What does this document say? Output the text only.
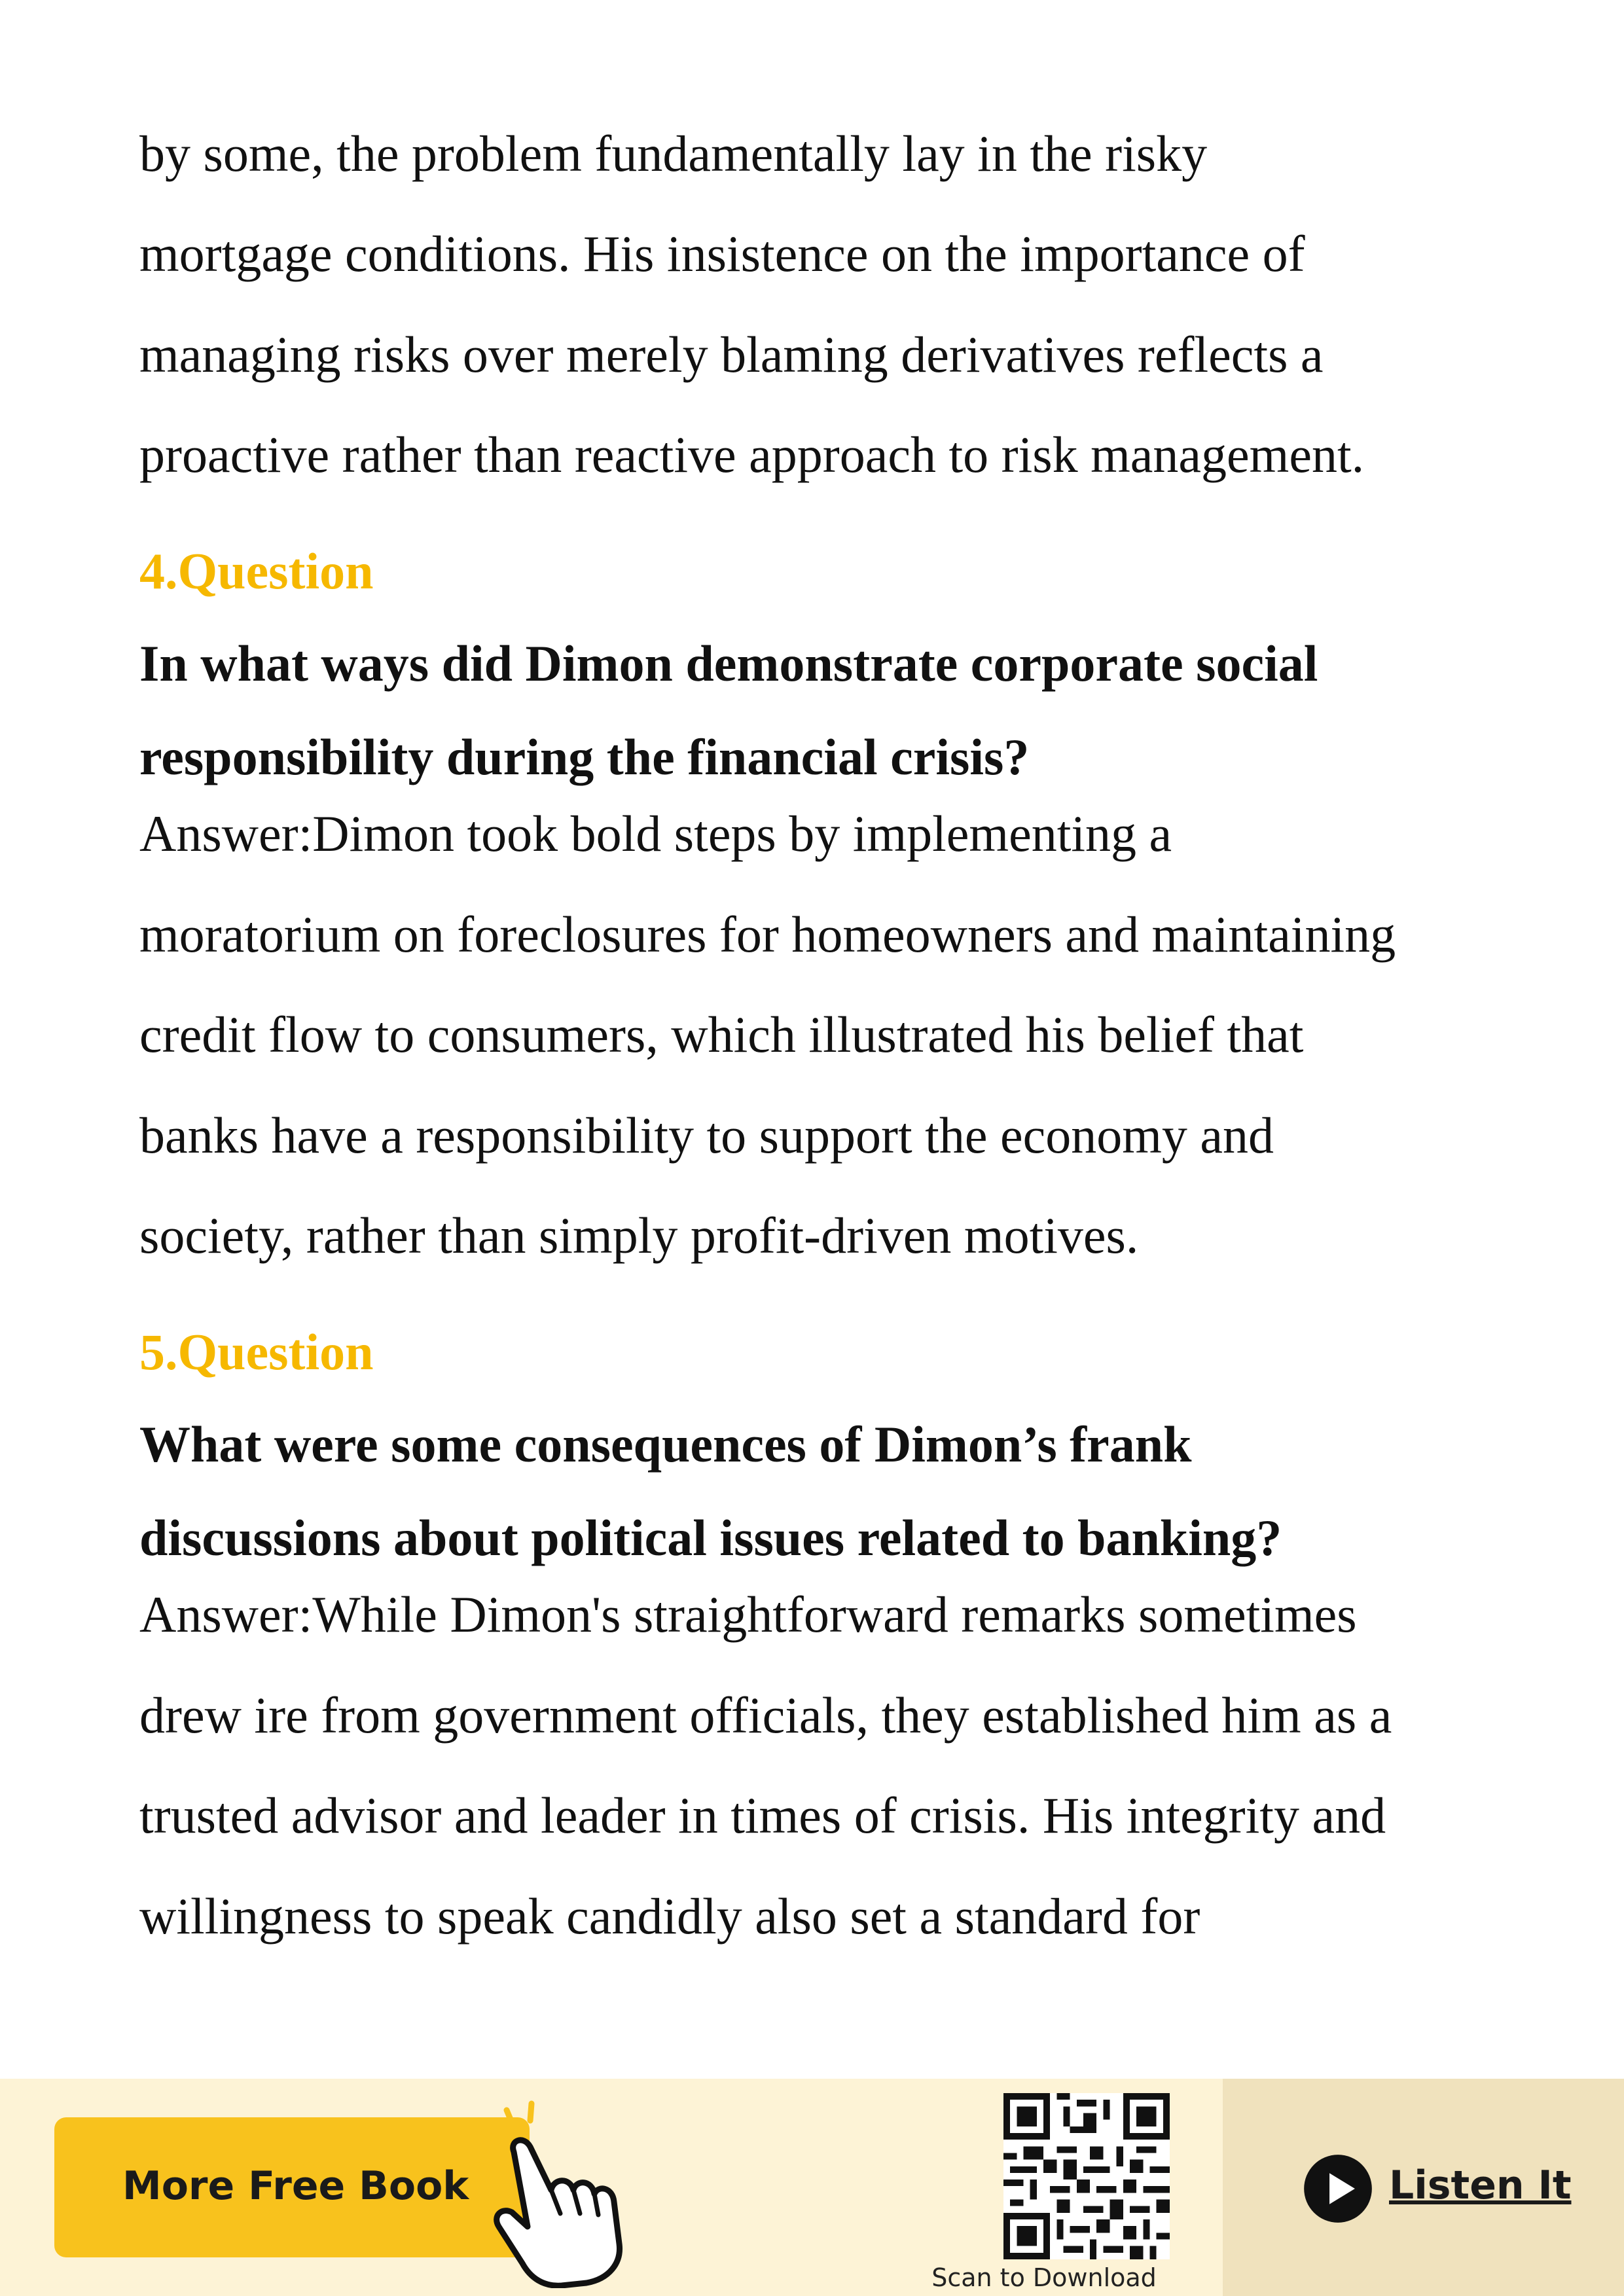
by some, the problem fundamentally lay in the risky
mortgage conditions. His insistence on the importance of
managing risks over merely blaming derivatives reflects a
proactive rather than reactive approach to risk management.
4.Question
In what ways did Dimon demonstrate corporate social
responsibility during the financial crisis?
Answer:Dimon took bold steps by implementing a
moratorium on foreclosures for homeowners and maintaining
credit flow to consumers, which illustrated his belief that
banks have a responsibility to support the economy and
society, rather than simply profit-driven motives.
5.Question
What were some consequences of Dimon’s frank
discussions about political issues related to banking?
Answer:While Dimon's straightforward remarks sometimes
drew ire from government officials, they established him as a
trusted advisor and leader in times of crisis. His integrity and
willingness to speak candidly also set a standard for
More Free Book
Scan to Download
Listen It
